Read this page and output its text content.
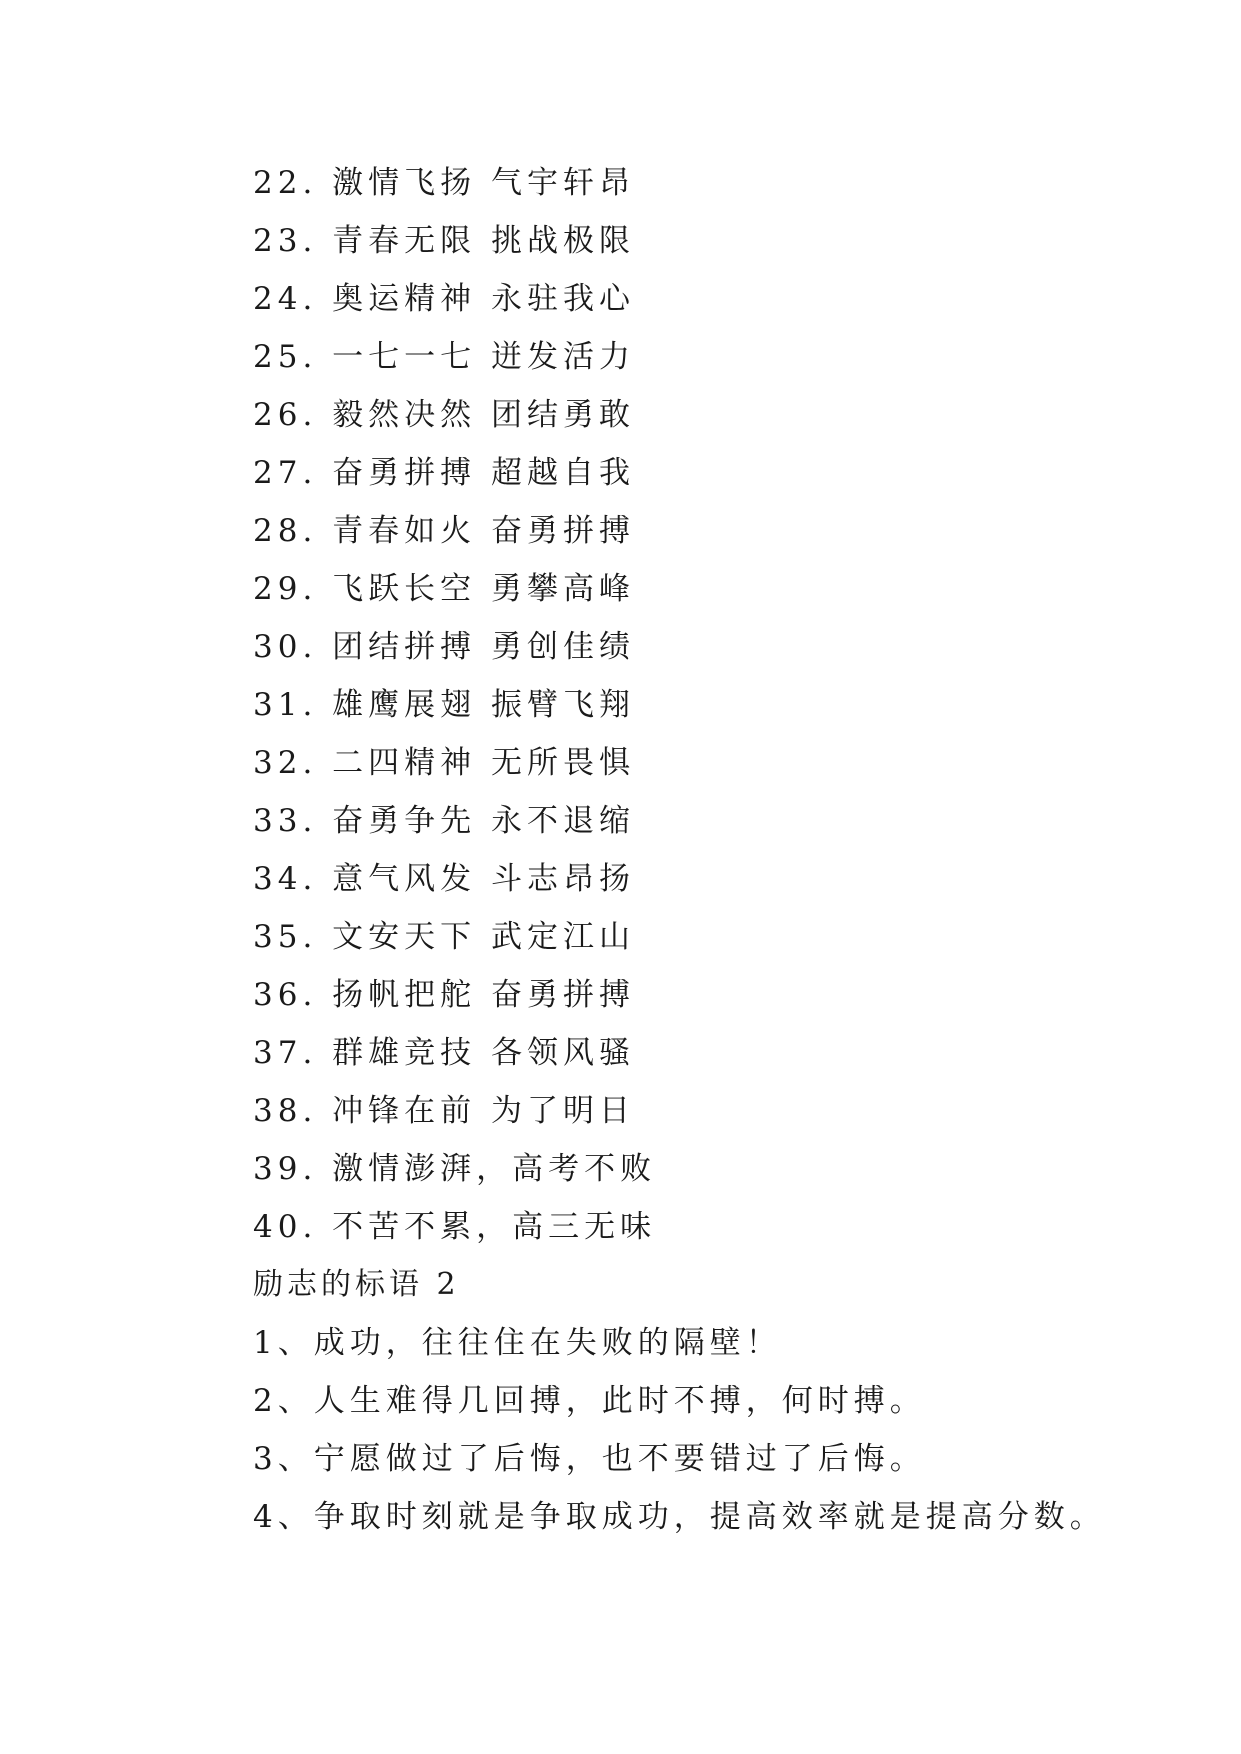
22. 激情飞扬 气宇轩昂
23. 青春无限 挑战极限
24. 奥运精神 永驻我心
25. 一七一七 迸发活力
26. 毅然决然 团结勇敢
27. 奋勇拼搏 超越自我
28. 青春如火 奋勇拼搏
29. 飞跃长空 勇攀高峰
30. 团结拼搏 勇创佳绩
31. 雄鹰展翅 振臂飞翔
32. 二四精神 无所畏惧
33. 奋勇争先 永不退缩
34. 意气风发 斗志昂扬
35. 文安天下 武定江山
36. 扬帆把舵 奋勇拼搏
37. 群雄竞技 各领风骚
38. 冲锋在前 为了明日
39. 激情澎湃，高考不败
40. 不苦不累，高三无味
励志的标语 2
1、成功，往往住在失败的隔壁！
2、人生难得几回搏，此时不搏，何时搏。
3、宁愿做过了后悔，也不要错过了后悔。
4、争取时刻就是争取成功，提高效率就是提高分数。
